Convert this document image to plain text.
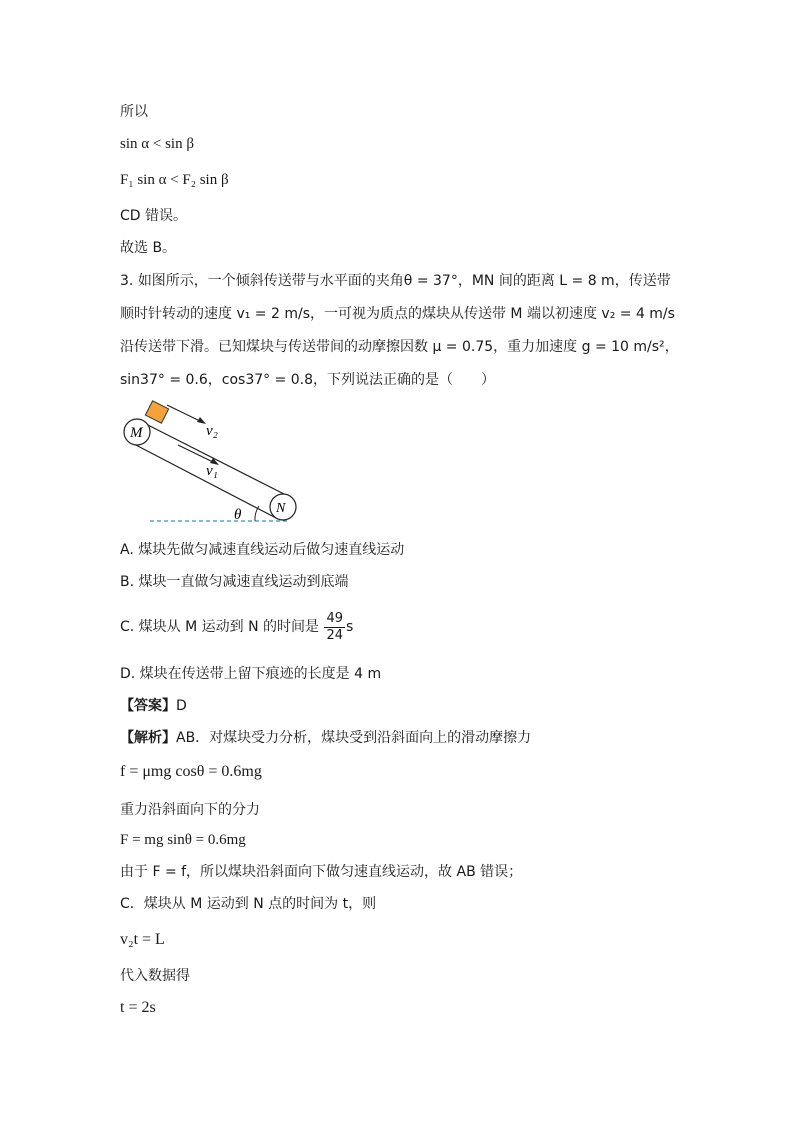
所以
sin α < sin β
F₁ sin α < F₂ sin β
CD 错误。
故选 B。
3. 如图所示，一个倾斜传送带与水平面的夹角θ = 37°，MN 间的距离 L = 8 m，传送带顺时针转动的速度 v₁ = 2 m/s，一可视为质点的煤块从传送带 M 端以初速度 v₂ = 4 m/s 沿传送带下滑。已知煤块与传送带间的动摩擦因数 μ = 0.75，重力加速度 g = 10 m/s²，sin37° = 0.6，cos37° = 0.8，下列说法正确的是（　　）
M
N
v₂
v₁
θ
A. 煤块先做匀减速直线运动后做匀速直线运动
B. 煤块一直做匀减速直线运动到底端
C. 煤块从 M 运动到 N 的时间是 $\frac{49}{24}$ s
D. 煤块在传送带上留下痕迹的长度是 4 m
【答案】D
【解析】AB．对煤块受力分析，煤块受到沿斜面向上的滑动摩擦力
f = μmg cosθ = 0.6mg
重力沿斜面向下的分力
F = mg sinθ = 0.6mg
由于 F = f，所以煤块沿斜面向下做匀速直线运动，故 AB 错误；
C．煤块从 M 运动到 N 点的时间为 t，则
v₂t = L
代入数据得
t = 2s
